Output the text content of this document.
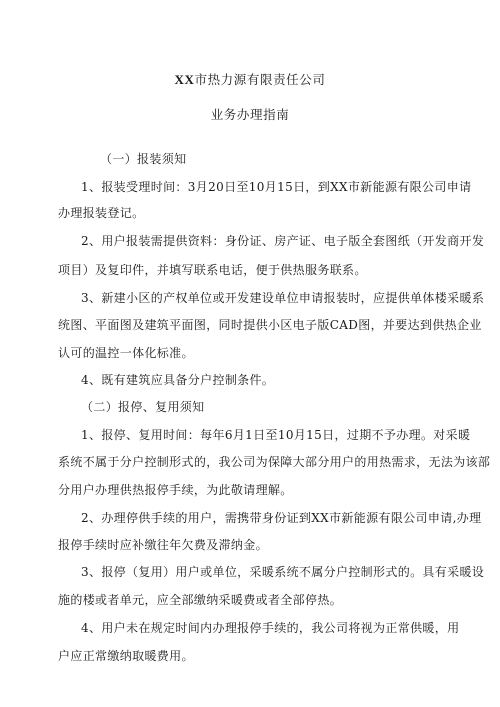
XX市热力源有限责任公司
业务办理指南
（一）报装须知
1、报装受理时间：3月20日至10月15日，到XX市新能源有限公司申请
办理报装登记。
2、用户报装需提供资料：身份证、房产证、电子版全套图纸（开发商开发
项目）及复印件，并填写联系电话，便于供热服务联系。
3、新建小区的产权单位或开发建设单位申请报装时，应提供单体楼采暖系
统图、平面图及建筑平面图，同时提供小区电子版CAD图，并要达到供热企业
认可的温控一体化标准。
4、既有建筑应具备分户控制条件。
（二）报停、复用须知
1、报停、复用时间：每年6月1日至10月15日，过期不予办理。对采暖
系统不属于分户控制形式的，我公司为保障大部分用户的用热需求，无法为该部
分用户办理供热报停手续，为此敬请理解。
2、办理停供手续的用户，需携带身份证到XX市新能源有限公司申请,办理
报停手续时应补缴往年欠费及滞纳金。
3、报停（复用）用户或单位，采暖系统不属分户控制形式的。具有采暖设
施的楼或者单元，应全部缴纳采暖费或者全部停热。
4、用户未在规定时间内办理报停手续的，我公司将视为正常供暖，用
户应正常缴纳取暖费用。
